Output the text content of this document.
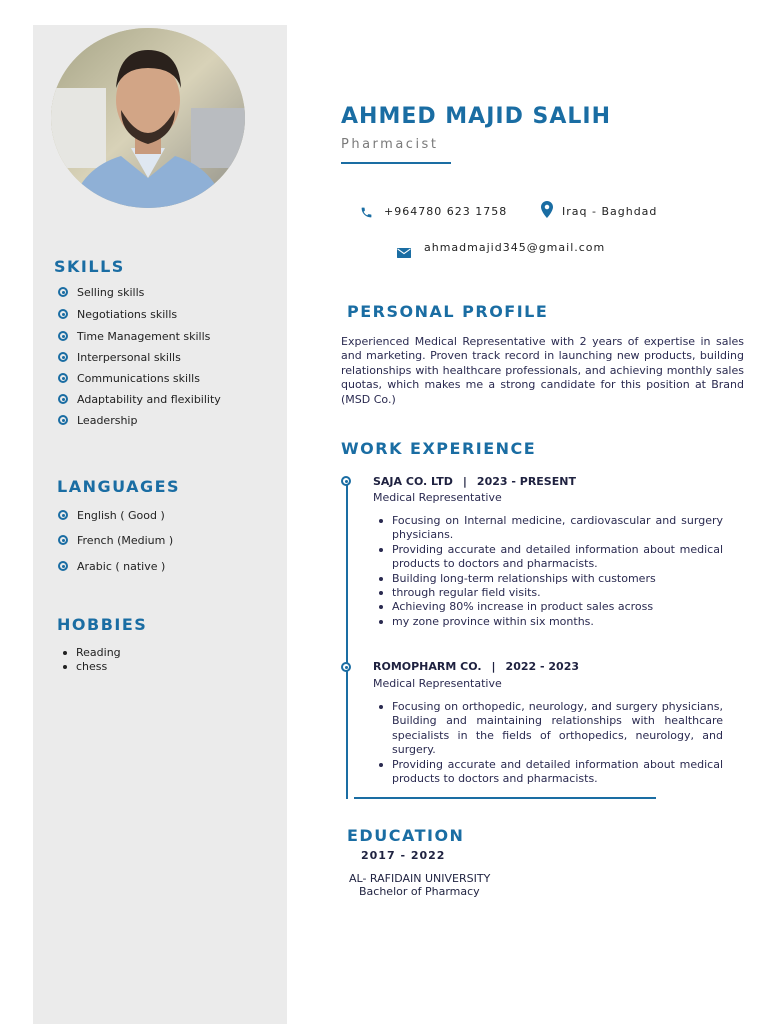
SKILLS
Selling skills
Negotiations skills
Time Management skills
Interpersonal skills
Communications skills
Adaptability and flexibility
Leadership
LANGUAGES
English ( Good )
French (Medium )
Arabic ( native )
HOBBIES
Reading
chess
AHMED MAJID SALIH
Pharmacist
+964780 623 1758	Iraq - Baghdad
ahmadmajid345@gmail.com
PERSONAL PROFILE

Experienced Medical Representative with 2 years of expertise in sales and marketing. Proven track record in launching new products, building relationships with healthcare professionals, and achieving monthly sales quotas, which makes me a strong candidate for this position at Brand (MSD Co.)

WORK EXPERIENCE
SAJA CO. LTD | 2023 - PRESENT
Medical Representative
Focusing on Internal medicine, cardiovascular and surgery physicians.
Providing accurate and detailed information about medical products to doctors and pharmacists.
Building long-term relationships with customers
through regular field visits.
Achieving 80% increase in product sales across
my zone province within six months.
ROMOPHARM CO. | 2022 - 2023
Medical Representative
Focusing on orthopedic, neurology, and surgery physicians, Building and maintaining relationships with healthcare specialists in the fields of orthopedics, neurology, and surgery.
Providing accurate and detailed information about medical products to doctors and pharmacists.
EDUCATION
2017 - 2022
AL- RAFIDAIN UNIVERSITY
Bachelor of Pharmacy
